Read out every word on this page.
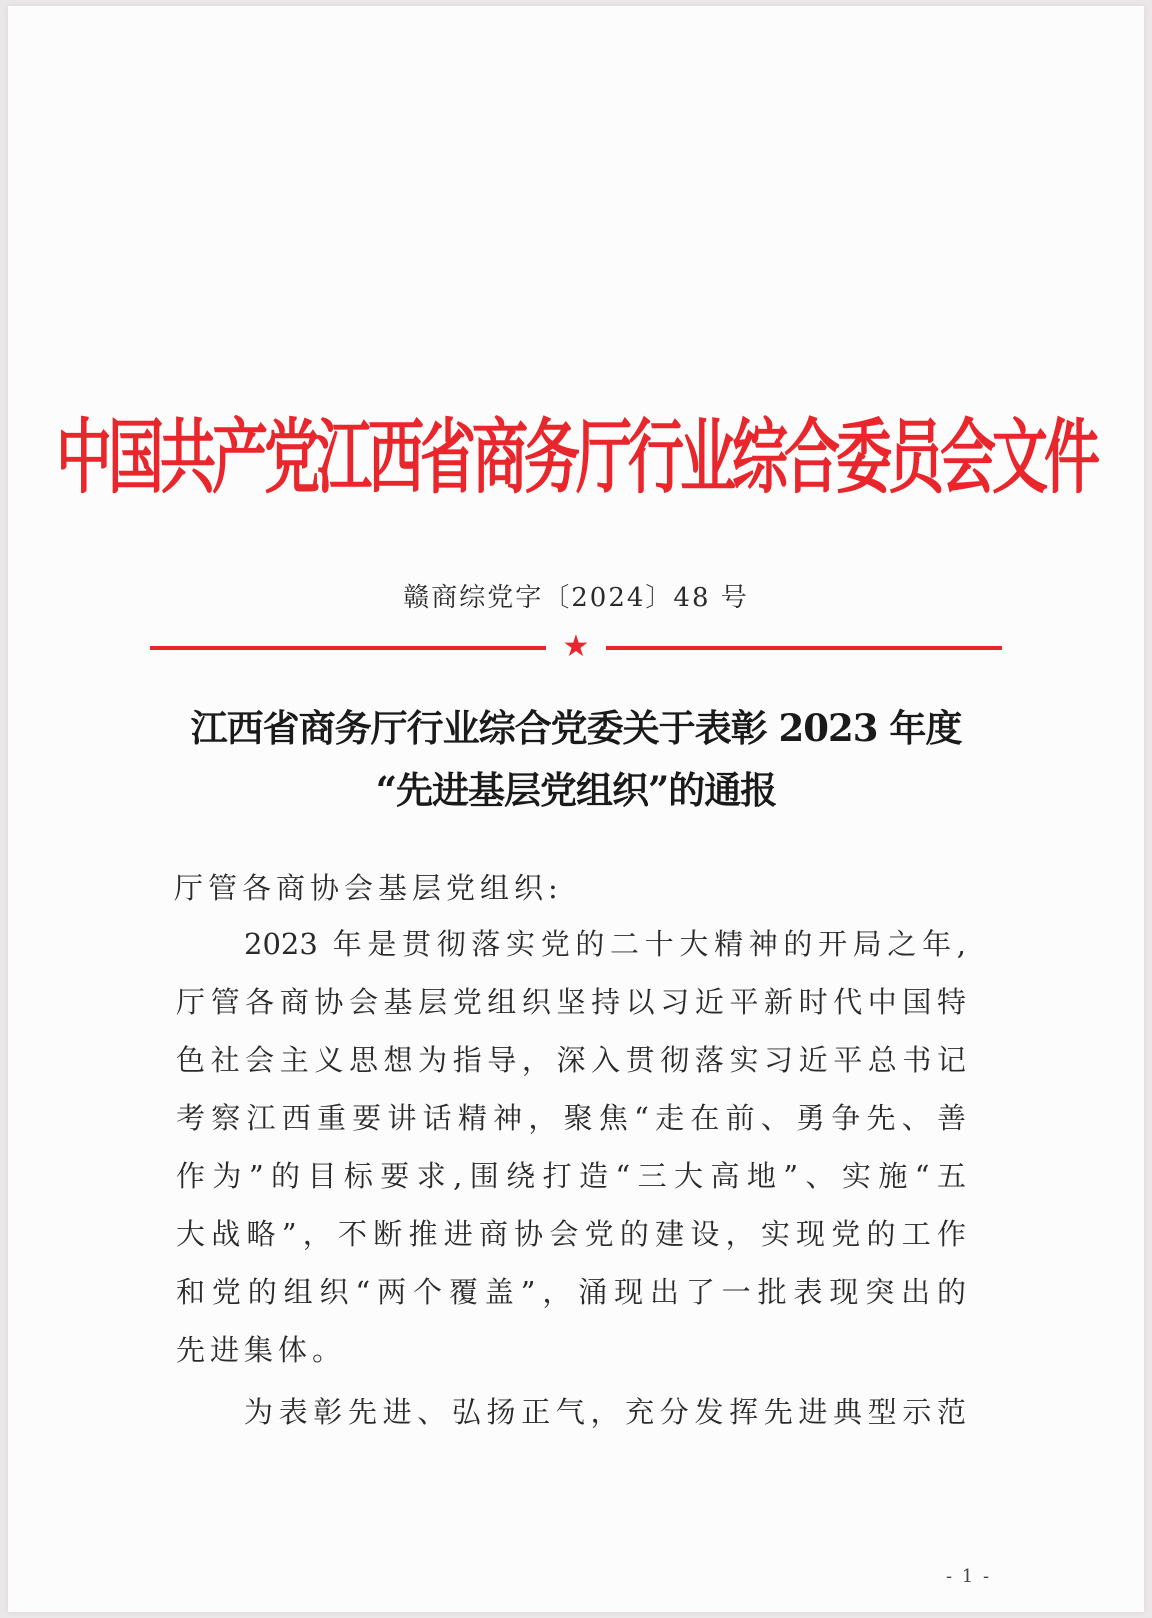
中国共产党江西省商务厅行业综合委员会文件
赣商综党字〔2024〕48 号
★
江西省商务厅行业综合党委关于表彰 2023 年度
“先进基层党组织”的通报
厅管各商协会基层党组织:
2023 年是贯彻落实党的二十大精神的开局之年,
厅管各商协会基层党组织坚持以习近平新时代中国特
色社会主义思想为指导，深入贯彻落实习近平总书记
考察江西重要讲话精神，聚焦“走在前、勇争先、善
作为”的目标要求,围绕打造“三大高地”、实施“五
大战略”，不断推进商协会党的建设，实现党的工作
和党的组织“两个覆盖”，涌现出了一批表现突出的
先进集体。
为表彰先进、弘扬正气，充分发挥先进典型示范
- 1 -
